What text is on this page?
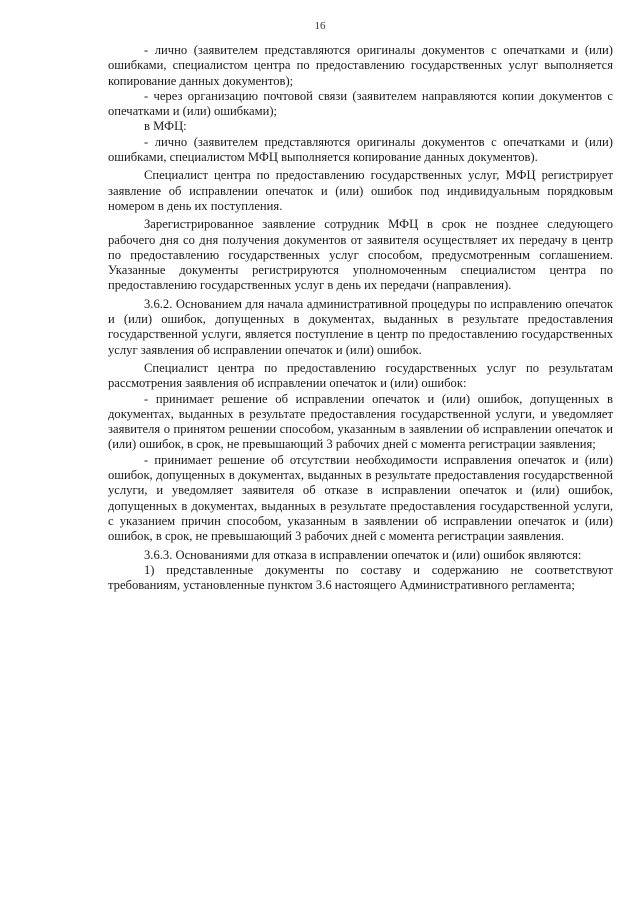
16

- лично (заявителем представляются оригиналы документов с опечатками и (или) ошибками, специалистом центра по предоставлению государственных услуг выполняется копирование данных документов);

- через организацию почтовой связи (заявителем направляются копии документов с опечатками и (или) ошибками);

в МФЦ:

- лично (заявителем представляются оригиналы документов с опечатками и (или) ошибками, специалистом МФЦ выполняется копирование данных документов).

Специалист центра по предоставлению государственных услуг, МФЦ регистрирует заявление об исправлении опечаток и (или) ошибок под индивидуальным порядковым номером в день их поступления.

Зарегистрированное заявление сотрудник МФЦ в срок не позднее следующего рабочего дня со дня получения документов от заявителя осуществляет их передачу в центр по предоставлению государственных услуг способом, предусмотренным соглашением. Указанные документы регистрируются уполномоченным специалистом центра по предоставлению государственных услуг в день их передачи (направления).

3.6.2. Основанием для начала административной процедуры по исправлению опечаток и (или) ошибок, допущенных в документах, выданных в результате предоставления государственной услуги, является поступление в центр по предоставлению государственных услуг заявления об исправлении опечаток и (или) ошибок.

Специалист центра по предоставлению государственных услуг по результатам рассмотрения заявления об исправлении опечаток и (или) ошибок:

- принимает решение об исправлении опечаток и (или) ошибок, допущенных в документах, выданных в результате предоставления государственной услуги, и уведомляет заявителя о принятом решении способом, указанным в заявлении об исправлении опечаток и (или) ошибок, в срок, не превышающий 3 рабочих дней с момента регистрации заявления;

- принимает решение об отсутствии необходимости исправления опечаток и (или) ошибок, допущенных в документах, выданных в результате предоставления государственной услуги, и уведомляет заявителя об отказе в исправлении опечаток и (или) ошибок, допущенных в документах, выданных в результате предоставления государственной услуги, с указанием причин способом, указанным в заявлении об исправлении опечаток и (или) ошибок, в срок, не превышающий 3 рабочих дней с момента регистрации заявления.

3.6.3. Основаниями для отказа в исправлении опечаток и (или) ошибок являются:

1) представленные документы по составу и содержанию не соответствуют требованиям, установленные пунктом 3.6 настоящего Административного регламента;
